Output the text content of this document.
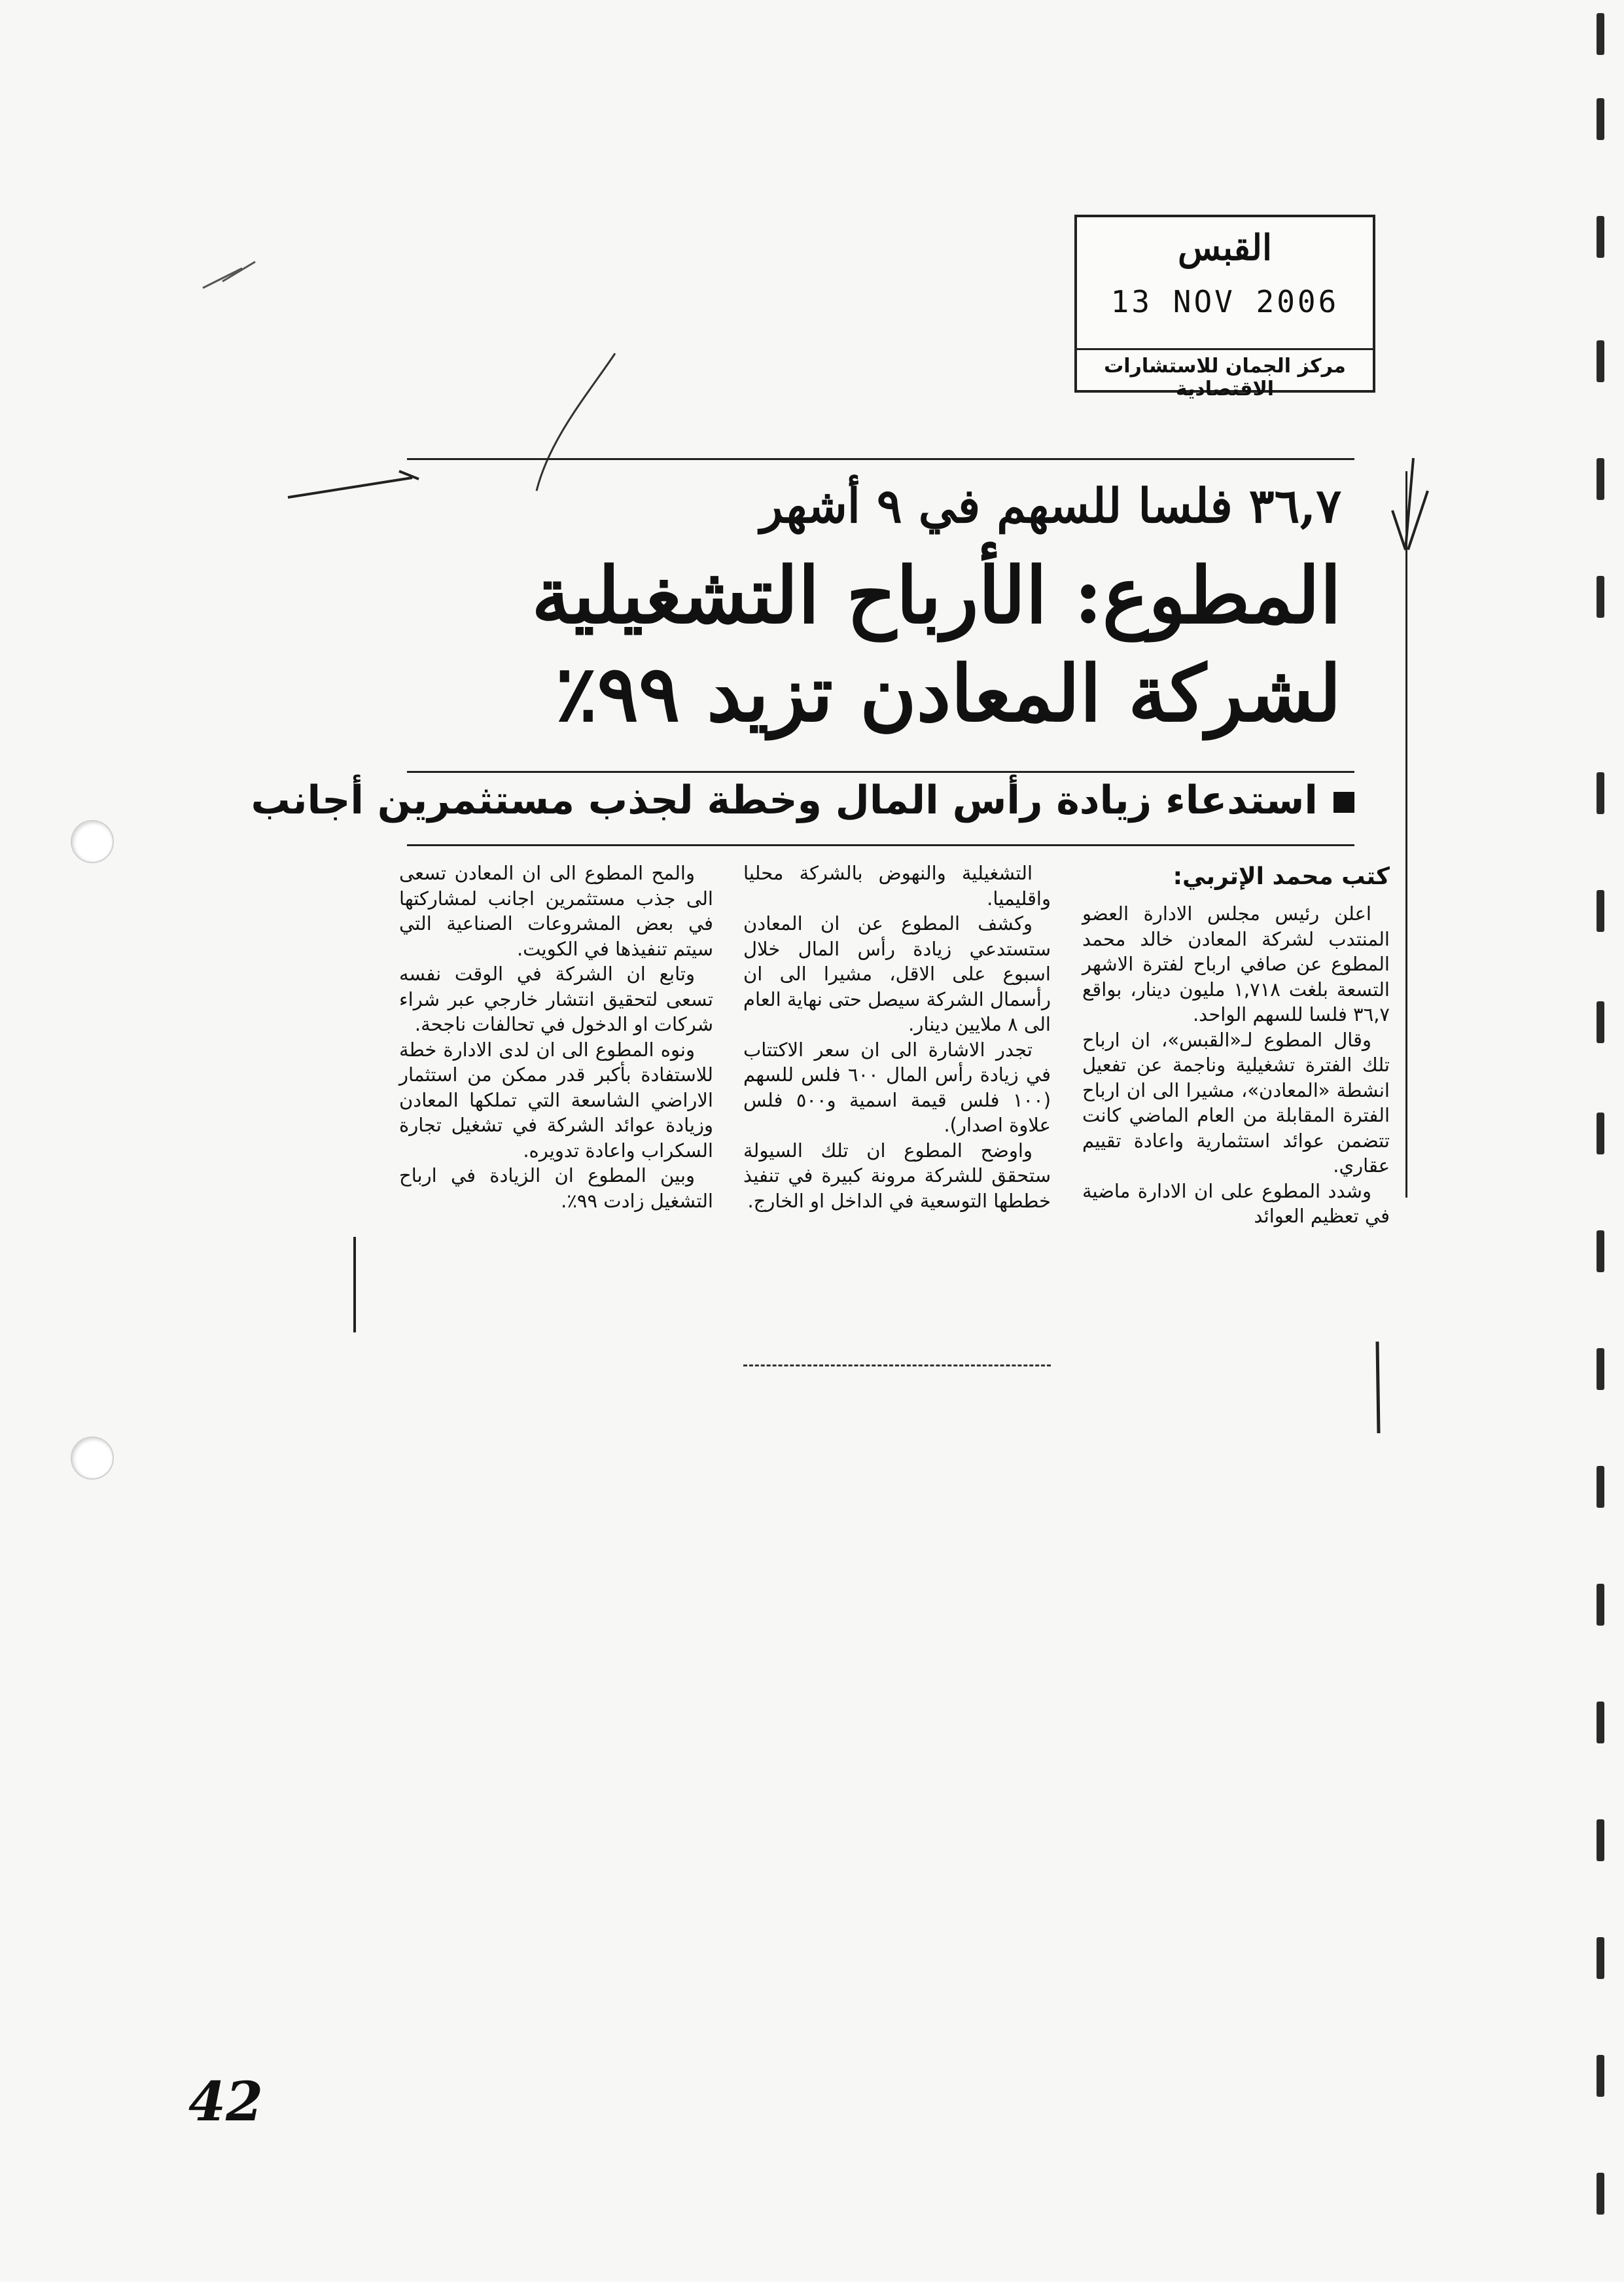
القبس
13 NOV 2006
مركز الجمان للاستشارات الاقتصادية
٣٦,٧ فلسا للسهم في ٩ أشهر
المطوع: الأرباح التشغيلية
لشركة المعادن تزيد ٩٩٪
استدعاء زيادة رأس المال وخطة لجذب مستثمرين أجانب

كتب محمد الإتربي:

اعلن رئيس مجلس الادارة العضو المنتدب لشركة المعادن خالد محمد المطوع عن صافي ارباح لفترة الاشهر التسعة بلغت ١,٧١٨ مليون دينار، بواقع ٣٦,٧ فلسا للسهم الواحد.

وقال المطوع لـ«القبس»، ان ارباح تلك الفترة تشغيلية وناجمة عن تفعيل انشطة «المعادن»، مشيرا الى ان ارباح الفترة المقابلة من العام الماضي كانت تتضمن عوائد استثمارية واعادة تقييم عقاري.

وشدد المطوع على ان الادارة ماضية في تعظيم العوائد

التشغيلية والنهوض بالشركة محليا واقليميا.

وكشف المطوع عن ان المعادن ستستدعي زيادة رأس المال خلال اسبوع على الاقل، مشيرا الى ان رأسمال الشركة سيصل حتى نهاية العام الى ٨ ملايين دينار.

تجدر الاشارة الى ان سعر الاكتتاب في زيادة رأس المال ٦٠٠ فلس للسهم (١٠٠ فلس قيمة اسمية و٥٠٠ فلس علاوة اصدار).

واوضح المطوع ان تلك السيولة ستحقق للشركة مرونة كبيرة في تنفيذ خططها التوسعية في الداخل او الخارج.

والمح المطوع الى ان المعادن تسعى الى جذب مستثمرين اجانب لمشاركتها في بعض المشروعات الصناعية التي سيتم تنفيذها في الكويت.

وتابع ان الشركة في الوقت نفسه تسعى لتحقيق انتشار خارجي عبر شراء شركات او الدخول في تحالفات ناجحة.

ونوه المطوع الى ان لدى الادارة خطة للاستفادة بأكبر قدر ممكن من استثمار الاراضي الشاسعة التي تملكها المعادن وزيادة عوائد الشركة في تشغيل تجارة السكراب واعادة تدويره.

وبين المطوع ان الزيادة في ارباح التشغيل زادت ٩٩٪.

42
